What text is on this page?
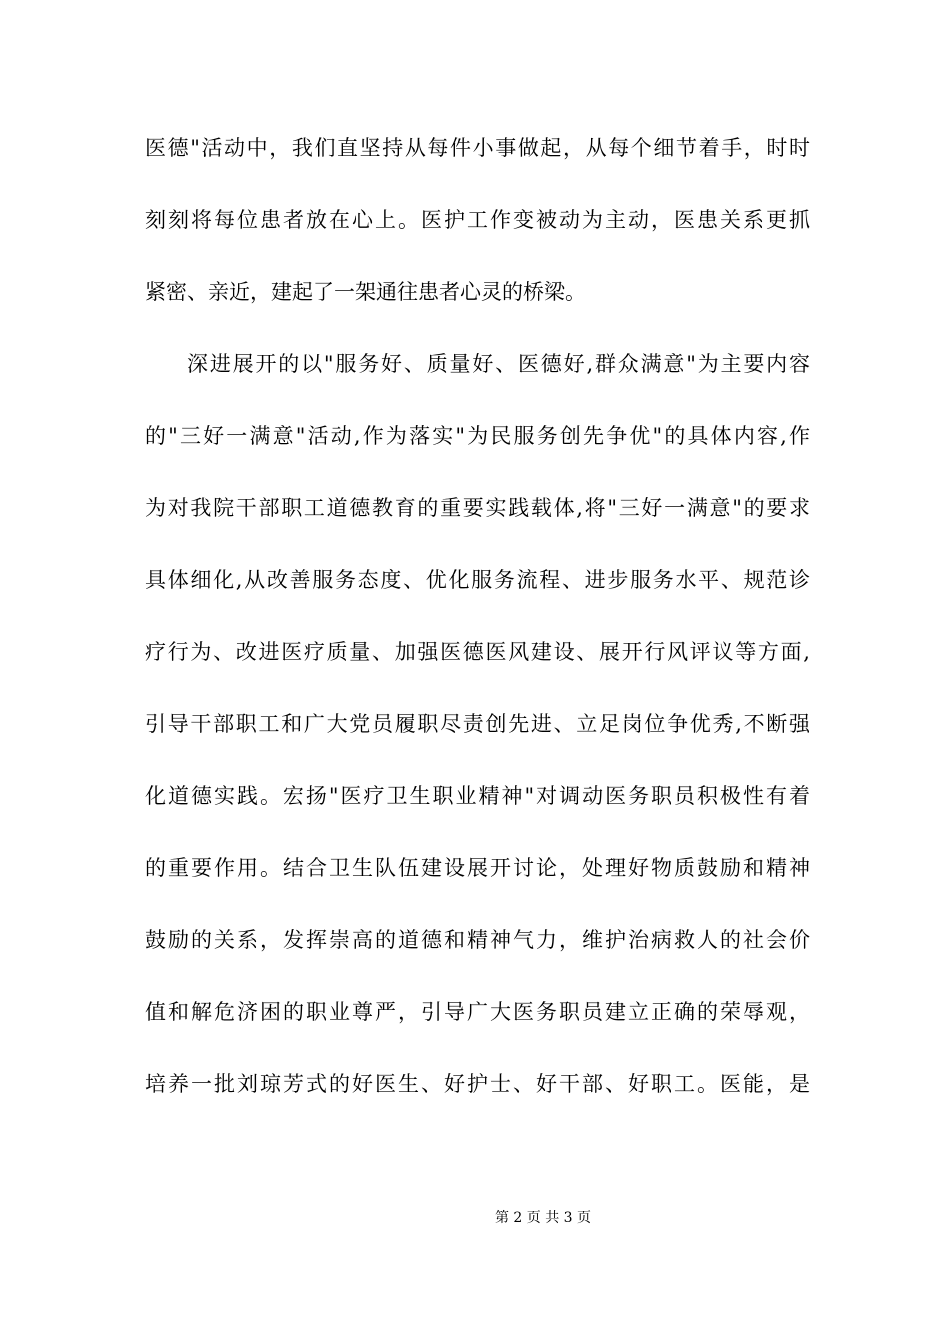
医德"活动中，我们直坚持从每件小事做起，从每个细节着手，时时
刻刻将每位患者放在心上。医护工作变被动为主动，医患关系更抓
紧密、亲近，建起了一架通往患者心灵的桥梁。
深进展开的以"服务好、质量好、医德好,群众满意"为主要内容
的"三好一满意"活动,作为落实"为民服务创先争优"的具体内容,作
为对我院干部职工道德教育的重要实践载体,将"三好一满意"的要求
具体细化,从改善服务态度、优化服务流程、进步服务水平、规范诊
疗行为、改进医疗质量、加强医德医风建设、展开行风评议等方面,
引导干部职工和广大党员履职尽责创先进、立足岗位争优秀,不断强
化道德实践。宏扬"医疗卫生职业精神"对调动医务职员积极性有着
的重要作用。结合卫生队伍建设展开讨论，处理好物质鼓励和精神
鼓励的关系，发挥崇高的道德和精神气力，维护治病救人的社会价
值和解危济困的职业尊严，引导广大医务职员建立正确的荣辱观，
培养一批刘琼芳式的好医生、好护士、好干部、好职工。医能，是
第 2 页 共 3 页
